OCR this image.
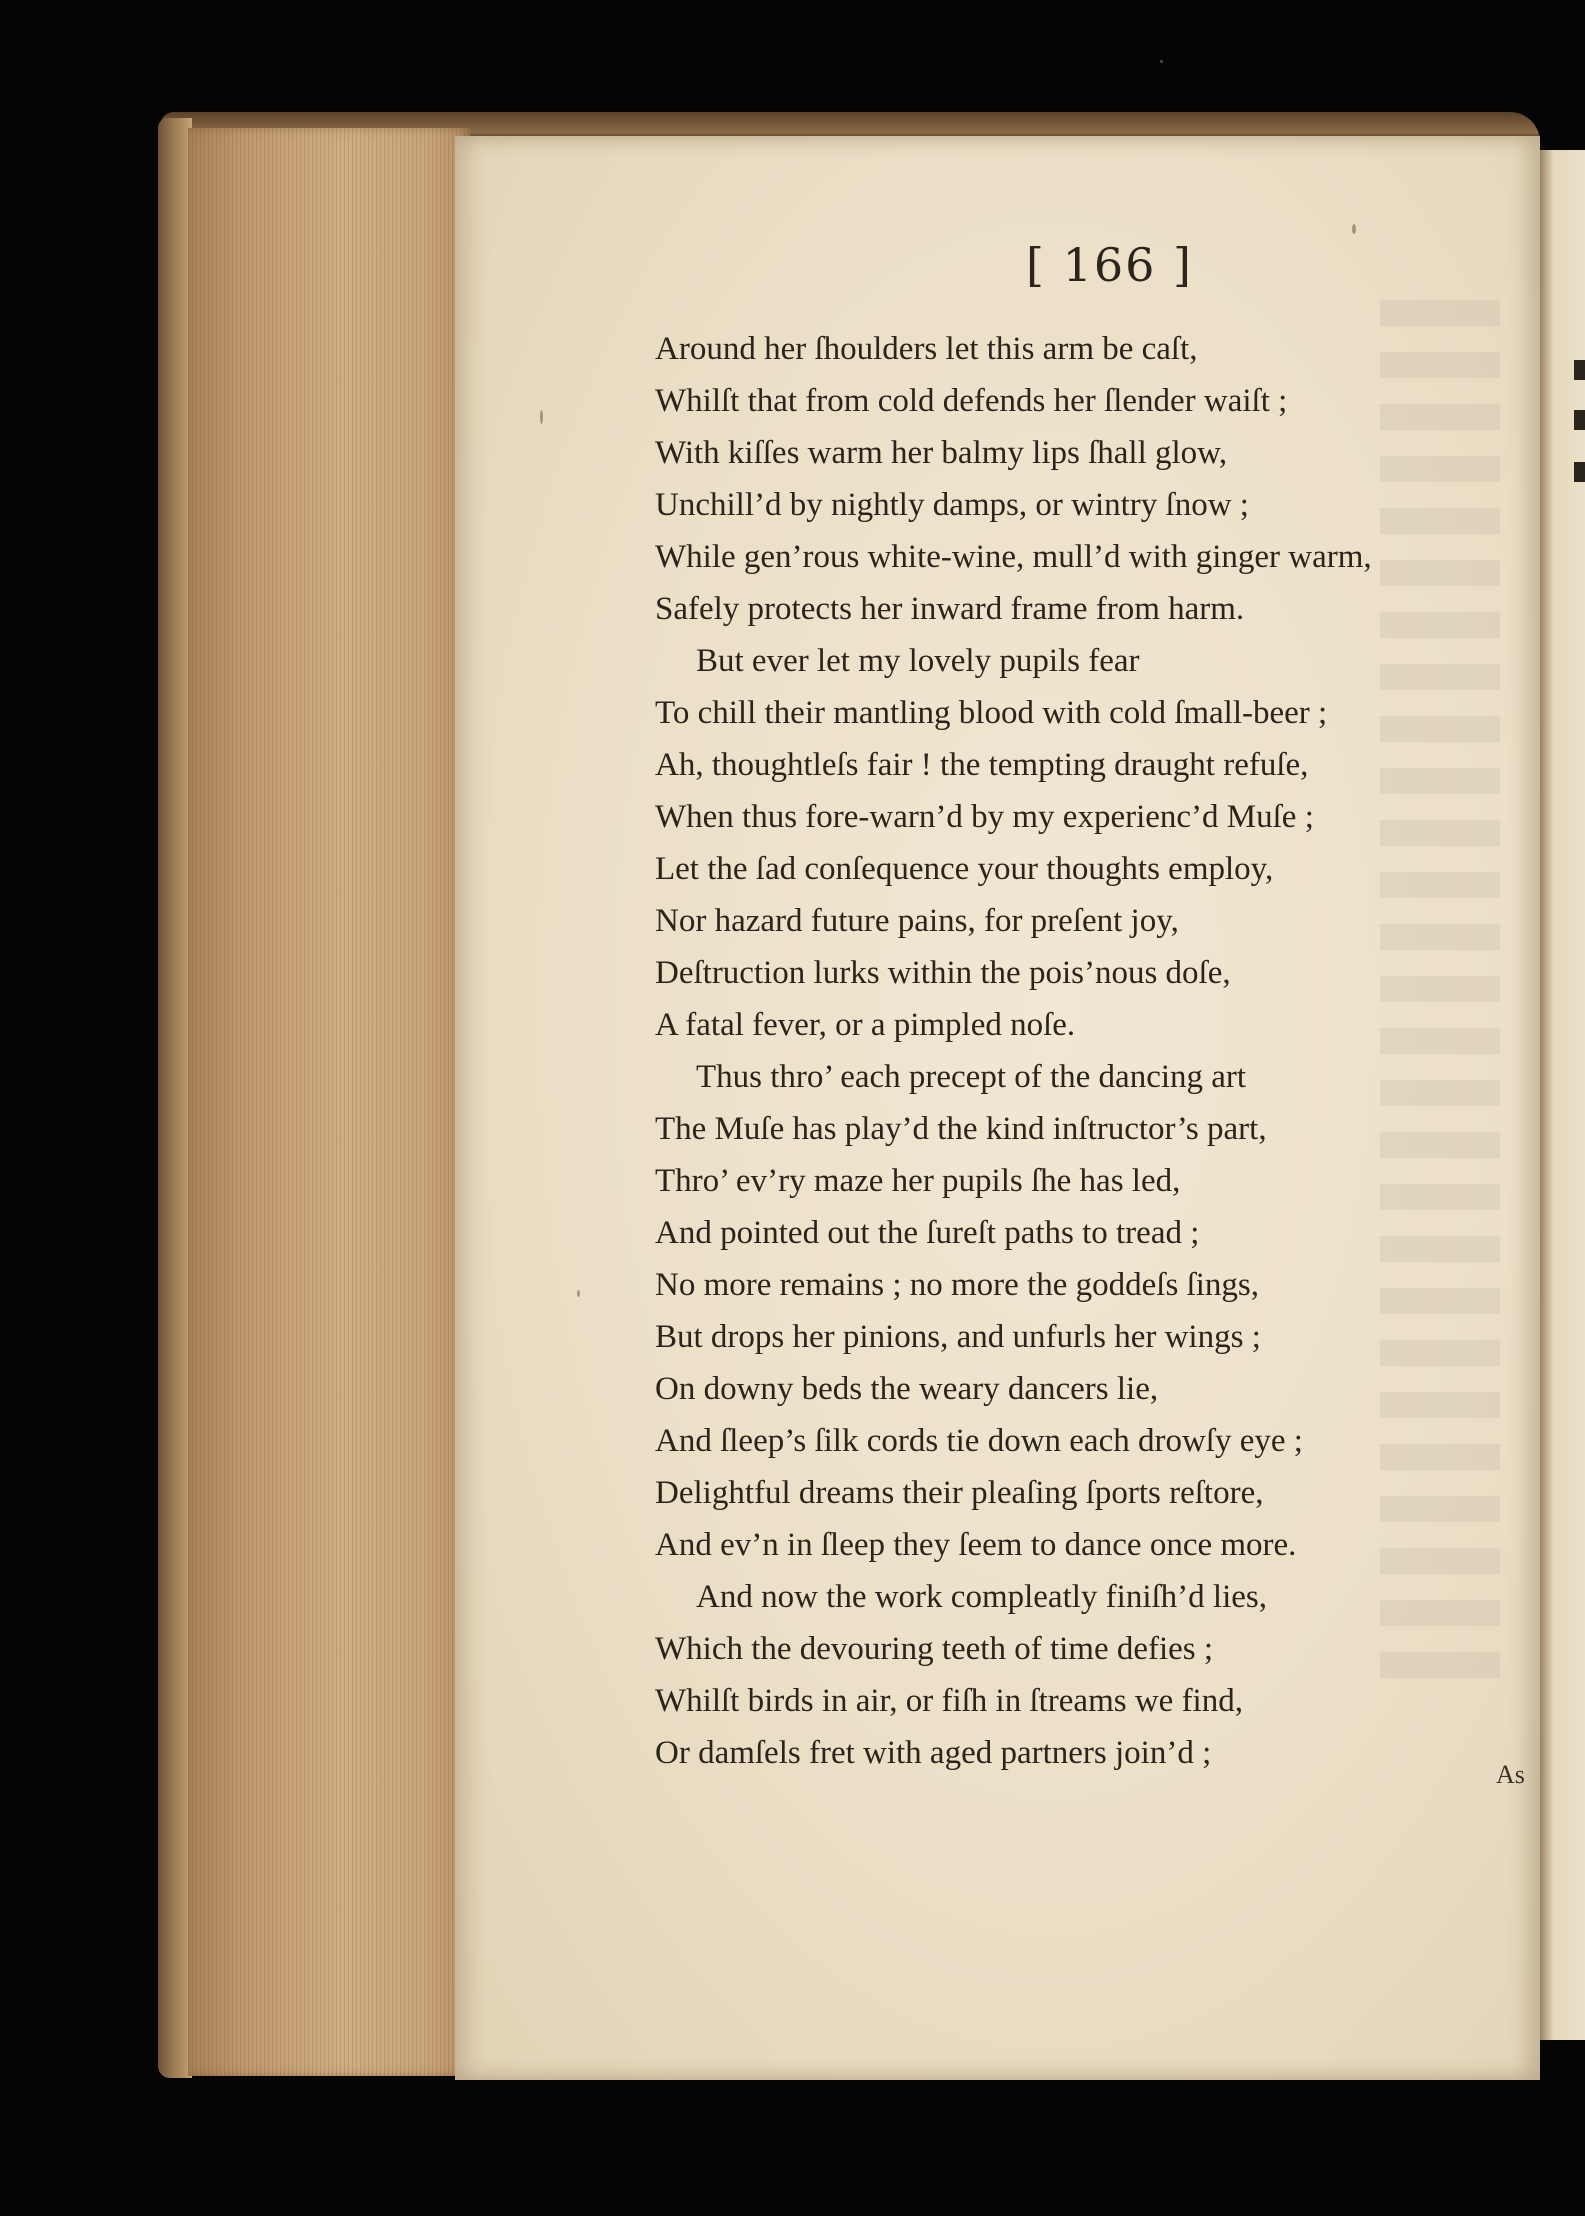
[ 166 ]
Around her ſhoulders let this arm be caſt,
Whilſt that from cold defends her ſlender waiſt ;
With kiſſes warm her balmy lips ſhall glow,
Unchill’d by nightly damps, or wintry ſnow ;
While gen’rous white-wine, mull’d with ginger warm,
Safely protects her inward frame from harm.
But ever let my lovely pupils fear
To chill their mantling blood with cold ſmall-beer ;
Ah, thoughtleſs fair ! the tempting draught refuſe,
When thus fore-warn’d by my experienc’d Muſe ;
Let the ſad conſequence your thoughts employ,
Nor hazard future pains, for preſent joy,
Deſtruction lurks within the pois’nous doſe,
A fatal fever, or a pimpled noſe.
Thus thro’ each precept of the dancing art
The Muſe has play’d the kind inſtructor’s part,
Thro’ ev’ry maze her pupils ſhe has led,
And pointed out the ſureſt paths to tread ;
No more remains ; no more the goddeſs ſings,
But drops her pinions, and unfurls her wings ;
On downy beds the weary dancers lie,
And ſleep’s ſilk cords tie down each drowſy eye ;
Delightful dreams their pleaſing ſports reſtore,
And ev’n in ſleep they ſeem to dance once more.
And now the work compleatly finiſh’d lies,
Which the devouring teeth of time defies ;
Whilſt birds in air, or fiſh in ſtreams we find,
Or damſels fret with aged partners join’d ;
As
